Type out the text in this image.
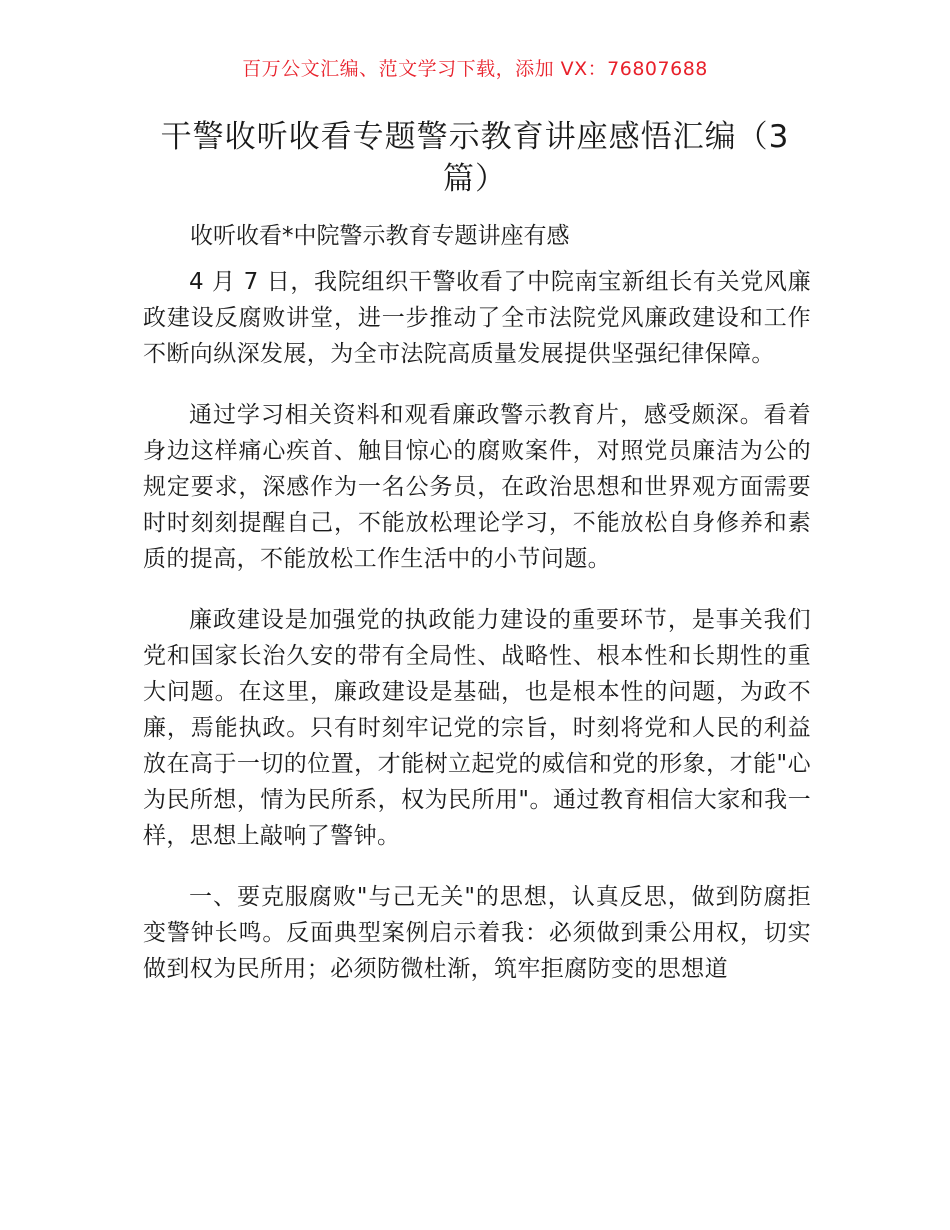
百万公文汇编、范文学习下载，添加 VX：76807688
干警收听收看专题警示教育讲座感悟汇编（3篇）
收听收看*中院警示教育专题讲座有感

4 月 7 日，我院组织干警收看了中院南宝新组长有关党风廉政建设反腐败讲堂，进一步推动了全市法院党风廉政建设和工作不断向纵深发展，为全市法院高质量发展提供坚强纪律保障。

通过学习相关资料和观看廉政警示教育片，感受颇深。看着身边这样痛心疾首、触目惊心的腐败案件，对照党员廉洁为公的规定要求，深感作为一名公务员，在政治思想和世界观方面需要时时刻刻提醒自己，不能放松理论学习，不能放松自身修养和素质的提高，不能放松工作生活中的小节问题。

廉政建设是加强党的执政能力建设的重要环节，是事关我们党和国家长治久安的带有全局性、战略性、根本性和长期性的重大问题。在这里，廉政建设是基础，也是根本性的问题，为政不廉，焉能执政。只有时刻牢记党的宗旨，时刻将党和人民的利益放在高于一切的位置，才能树立起党的威信和党的形象，才能"心为民所想，情为民所系，权为民所用"。通过教育相信大家和我一样，思想上敲响了警钟。

一、要克服腐败"与己无关"的思想，认真反思，做到防腐拒变警钟长鸣。反面典型案例启示着我：必须做到秉公用权，切实做到权为民所用；必须防微杜渐，筑牢拒腐防变的思想道
